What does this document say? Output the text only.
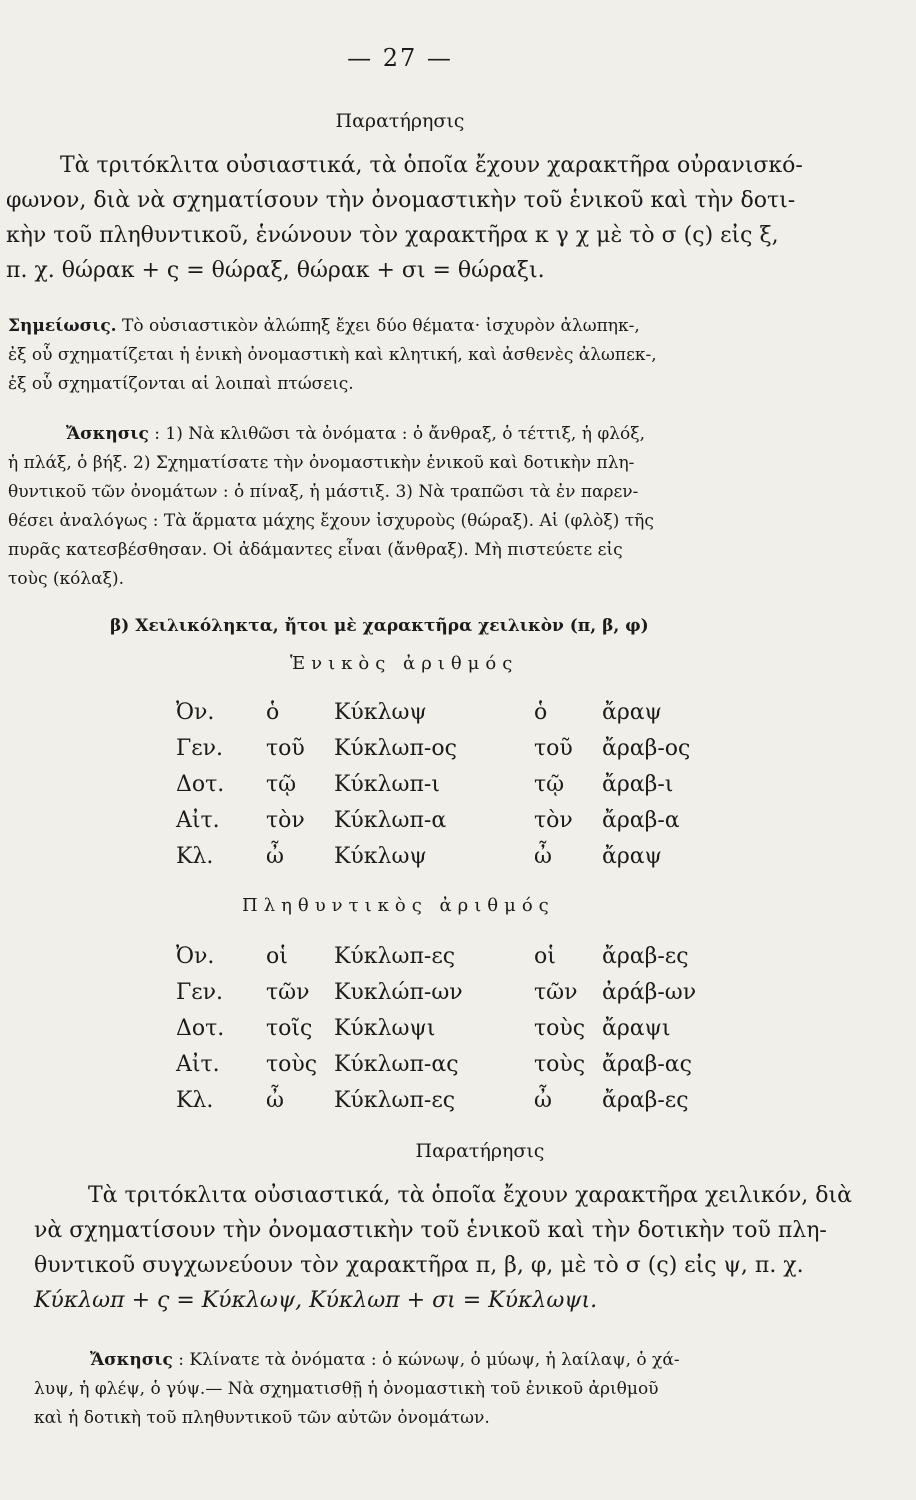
— 27 —
Παρατήρησις
Τὰ τριτόκλιτα οὐσιαστικά, τὰ ὁποῖα ἔχουν χαρακτῆρα οὐρανισκό-
φωνον, διὰ νὰ σχηματίσουν τὴν ὀνομαστικὴν τοῦ ἑνικοῦ καὶ τὴν δοτι-
κὴν τοῦ πληθυντικοῦ, ἑνώνουν τὸν χαρακτῆρα κ γ χ μὲ τὸ σ (ς) εἰς ξ,
π. χ. θώρακ + ς = θώραξ, θώρακ + σι = θώραξι.
Σημείωσις. Τὸ οὐσιαστικὸν ἀλώπηξ ἔχει δύο θέματα· ἰσχυρὸν ἀλωπηκ-,
ἐξ οὗ σχηματίζεται ἡ ἑνικὴ ὀνομαστικὴ καὶ κλητική, καὶ ἀσθενὲς ἀλωπεκ-,
ἐξ οὗ σχηματίζονται αἱ λοιπαὶ πτώσεις.
Ἄσκησις : 1) Νὰ κλιθῶσι τὰ ὀνόματα : ὁ ἄνθραξ, ὁ τέττιξ, ἡ φλόξ,
ἡ πλάξ, ὁ βήξ. 2) Σχηματίσατε τὴν ὀνομαστικὴν ἑνικοῦ καὶ δοτικὴν πλη-
θυντικοῦ τῶν ὀνομάτων : ὁ πίναξ, ἡ μάστιξ. 3) Νὰ τραπῶσι τὰ ἐν παρεν-
θέσει ἀναλόγως : Τὰ ἅρματα μάχης ἔχουν ἰσχυροὺς (θώραξ). Αἱ (φλὸξ) τῆς
πυρᾶς κατεσβέσθησαν. Οἱ ἀδάμαντες εἶναι (ἄνθραξ). Μὴ πιστεύετε εἰς
τοὺς (κόλαξ).
β) Χειλικόληκτα, ἤτοι μὲ χαρακτῆρα χειλικὸν (π, β, φ)
Ἑνικὸς ἀριθμός
Ὀν.	ὁ	Κύκλωψ	ὁ	ἄραψ
Γεν.	τοῦ	Κύκλωπ-ος	τοῦ	ἄραβ-ος
Δοτ.	τῷ	Κύκλωπ-ι	τῷ	ἄραβ-ι
Αἰτ.	τὸν	Κύκλωπ-α	τὸν	ἄραβ-α
Κλ.	ὦ	Κύκλωψ	ὦ	ἄραψ
Πληθυντικὸς ἀριθμός
Ὀν.	οἱ	Κύκλωπ-ες	οἱ	ἄραβ-ες
Γεν.	τῶν	Κυκλώπ-ων	τῶν	ἀράβ-ων
Δοτ.	τοῖς	Κύκλωψι	τοὺς	ἄραψι
Αἰτ.	τοὺς	Κύκλωπ-ας	τοὺς	ἄραβ-ας
Κλ.	ὦ	Κύκλωπ-ες	ὦ	ἄραβ-ες
Παρατήρησις
Τὰ τριτόκλιτα οὐσιαστικά, τὰ ὁποῖα ἔχουν χαρακτῆρα χειλικόν, διὰ
νὰ σχηματίσουν τὴν ὀνομαστικὴν τοῦ ἑνικοῦ καὶ τὴν δοτικὴν τοῦ πλη-
θυντικοῦ συγχωνεύουν τὸν χαρακτῆρα π, β, φ, μὲ τὸ σ (ς) εἰς ψ, π. χ.
Κύκλωπ + ς = Κύκλωψ, Κύκλωπ + σι = Κύκλωψι.
Ἄσκησις : Κλίνατε τὰ ὀνόματα : ὁ κώνωψ, ὁ μύωψ, ἡ λαίλαψ, ὁ χά-
λυψ, ἡ φλέψ, ὁ γύψ.— Νὰ σχηματισθῇ ἡ ὀνομαστικὴ τοῦ ἑνικοῦ ἀριθμοῦ
καὶ ἡ δοτικὴ τοῦ πληθυντικοῦ τῶν αὐτῶν ὀνομάτων.
